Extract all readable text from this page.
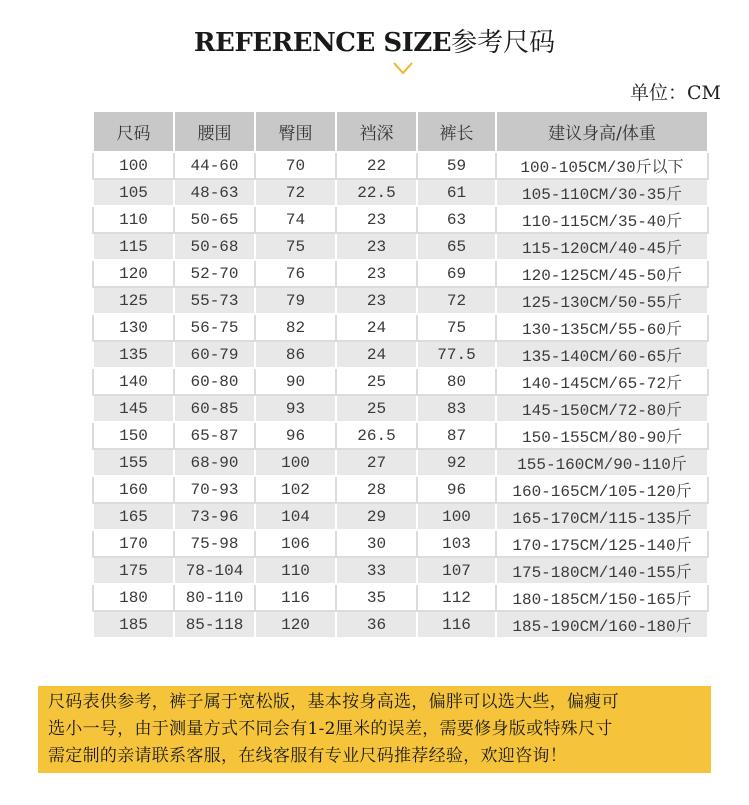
REFERENCE SIZE参考尺码
单位：CM
尺码	腰围	臀围	裆深	裤长	建议身高/体重
100	44-60	70	22	59	100-105CM/30斤以下
105	48-63	72	22.5	61	105-110CM/30-35斤
110	50-65	74	23	63	110-115CM/35-40斤
115	50-68	75	23	65	115-120CM/40-45斤
120	52-70	76	23	69	120-125CM/45-50斤
125	55-73	79	23	72	125-130CM/50-55斤
130	56-75	82	24	75	130-135CM/55-60斤
135	60-79	86	24	77.5	135-140CM/60-65斤
140	60-80	90	25	80	140-145CM/65-72斤
145	60-85	93	25	83	145-150CM/72-80斤
150	65-87	96	26.5	87	150-155CM/80-90斤
155	68-90	100	27	92	155-160CM/90-110斤
160	70-93	102	28	96	160-165CM/105-120斤
165	73-96	104	29	100	165-170CM/115-135斤
170	75-98	106	30	103	170-175CM/125-140斤
175	78-104	110	33	107	175-180CM/140-155斤
180	80-110	116	35	112	180-185CM/150-165斤
185	85-118	120	36	116	185-190CM/160-180斤
尺码表供参考，裤子属于宽松版，基本按身高选，偏胖可以选大些，偏瘦可
选小一号，由于测量方式不同会有1-2厘米的误差，需要修身版或特殊尺寸
需定制的亲请联系客服，在线客服有专业尺码推荐经验，欢迎咨询！
